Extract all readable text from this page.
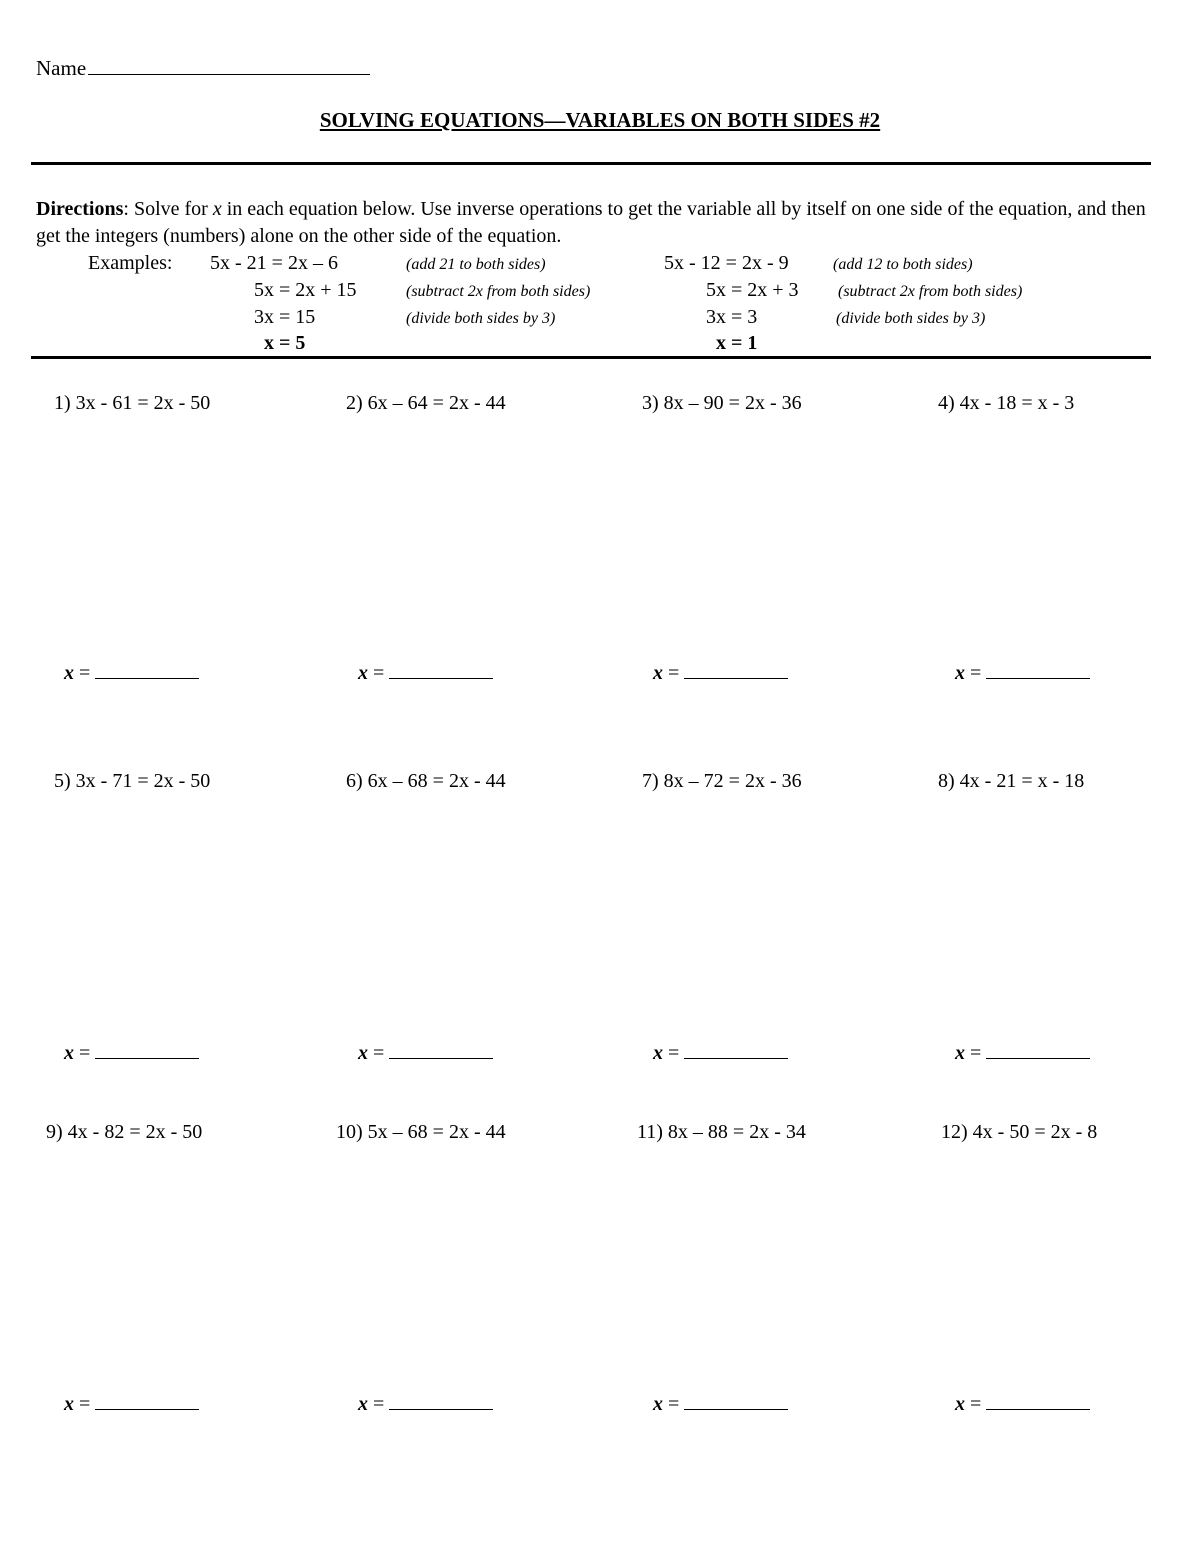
Name
SOLVING EQUATIONS—VARIABLES ON BOTH SIDES #2
Directions: Solve for x in each equation below. Use inverse operations to get the variable all by itself on one side of the equation, and then get the integers (numbers) alone on the other side of the equation.
Examples: 5x - 21 = 2x – 6	(add 21 to both sides)
5x = 2x + 15	(subtract 2x from both sides)
3x = 15	(divide both sides by 3)
x = 5
5x - 12 = 2x - 9	(add 12 to both sides)
5x = 2x + 3 (subtract 2x from both sides)
3x = 3	(divide both sides by 3)
x = 1
1) 3x - 61 = 2x - 50	2) 6x – 64 = 2x - 44	3) 8x – 90 = 2x - 36	4) 4x - 18 = x - 3
x =	x =	x =	x =
5) 3x - 71 = 2x - 50	6) 6x – 68 = 2x - 44	7) 8x – 72 = 2x - 36	8) 4x - 21 = x - 18
x =	x =	x =	x =
9) 4x - 82 = 2x - 50	10) 5x – 68 = 2x - 44	11) 8x – 88 = 2x - 34	12) 4x - 50 = 2x - 8
x =	x =	x =	x =
